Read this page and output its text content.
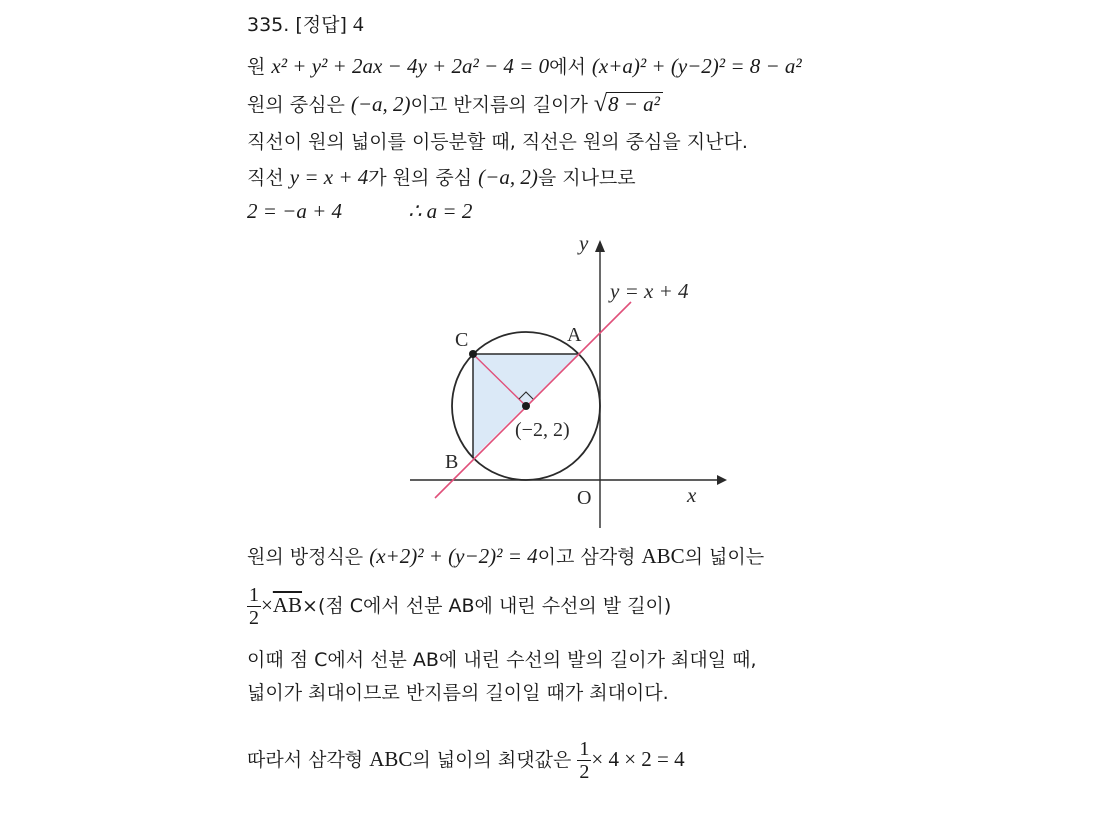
335. [정답] 4
원 x² + y² + 2ax − 4y + 2a² − 4 = 0에서 (x+a)² + (y−2)² = 8 − a²
원의 중심은 (−a, 2)이고 반지름의 길이가 √8 − a²
직선이 원의 넓이를 이등분할 때, 직선은 원의 중심을 지난다.
직선 y = x + 4가 원의 중심 (−a, 2)을 지나므로
2 = −a + 4	∴ a = 2
y
x
O
y = x + 4
A
C
B
(−2, 2)
원의 방정식은 (x+2)² + (y−2)² = 4이고 삼각형 ABC의 넓이는
$\frac{1}{2} \times\overline{AB}\times$(점 C에서 선분 AB에 내린 수선의 발 길이)
이때 점 C에서 선분 AB에 내린 수선의 발의 길이가 최대일 때,
넓이가 최대이므로 반지름의 길이일 때가 최대이다.
따라서 삼각형 ABC의 넓이의 최댓값은 $\frac{1}{2} \times 4 \times 2 = 4$
